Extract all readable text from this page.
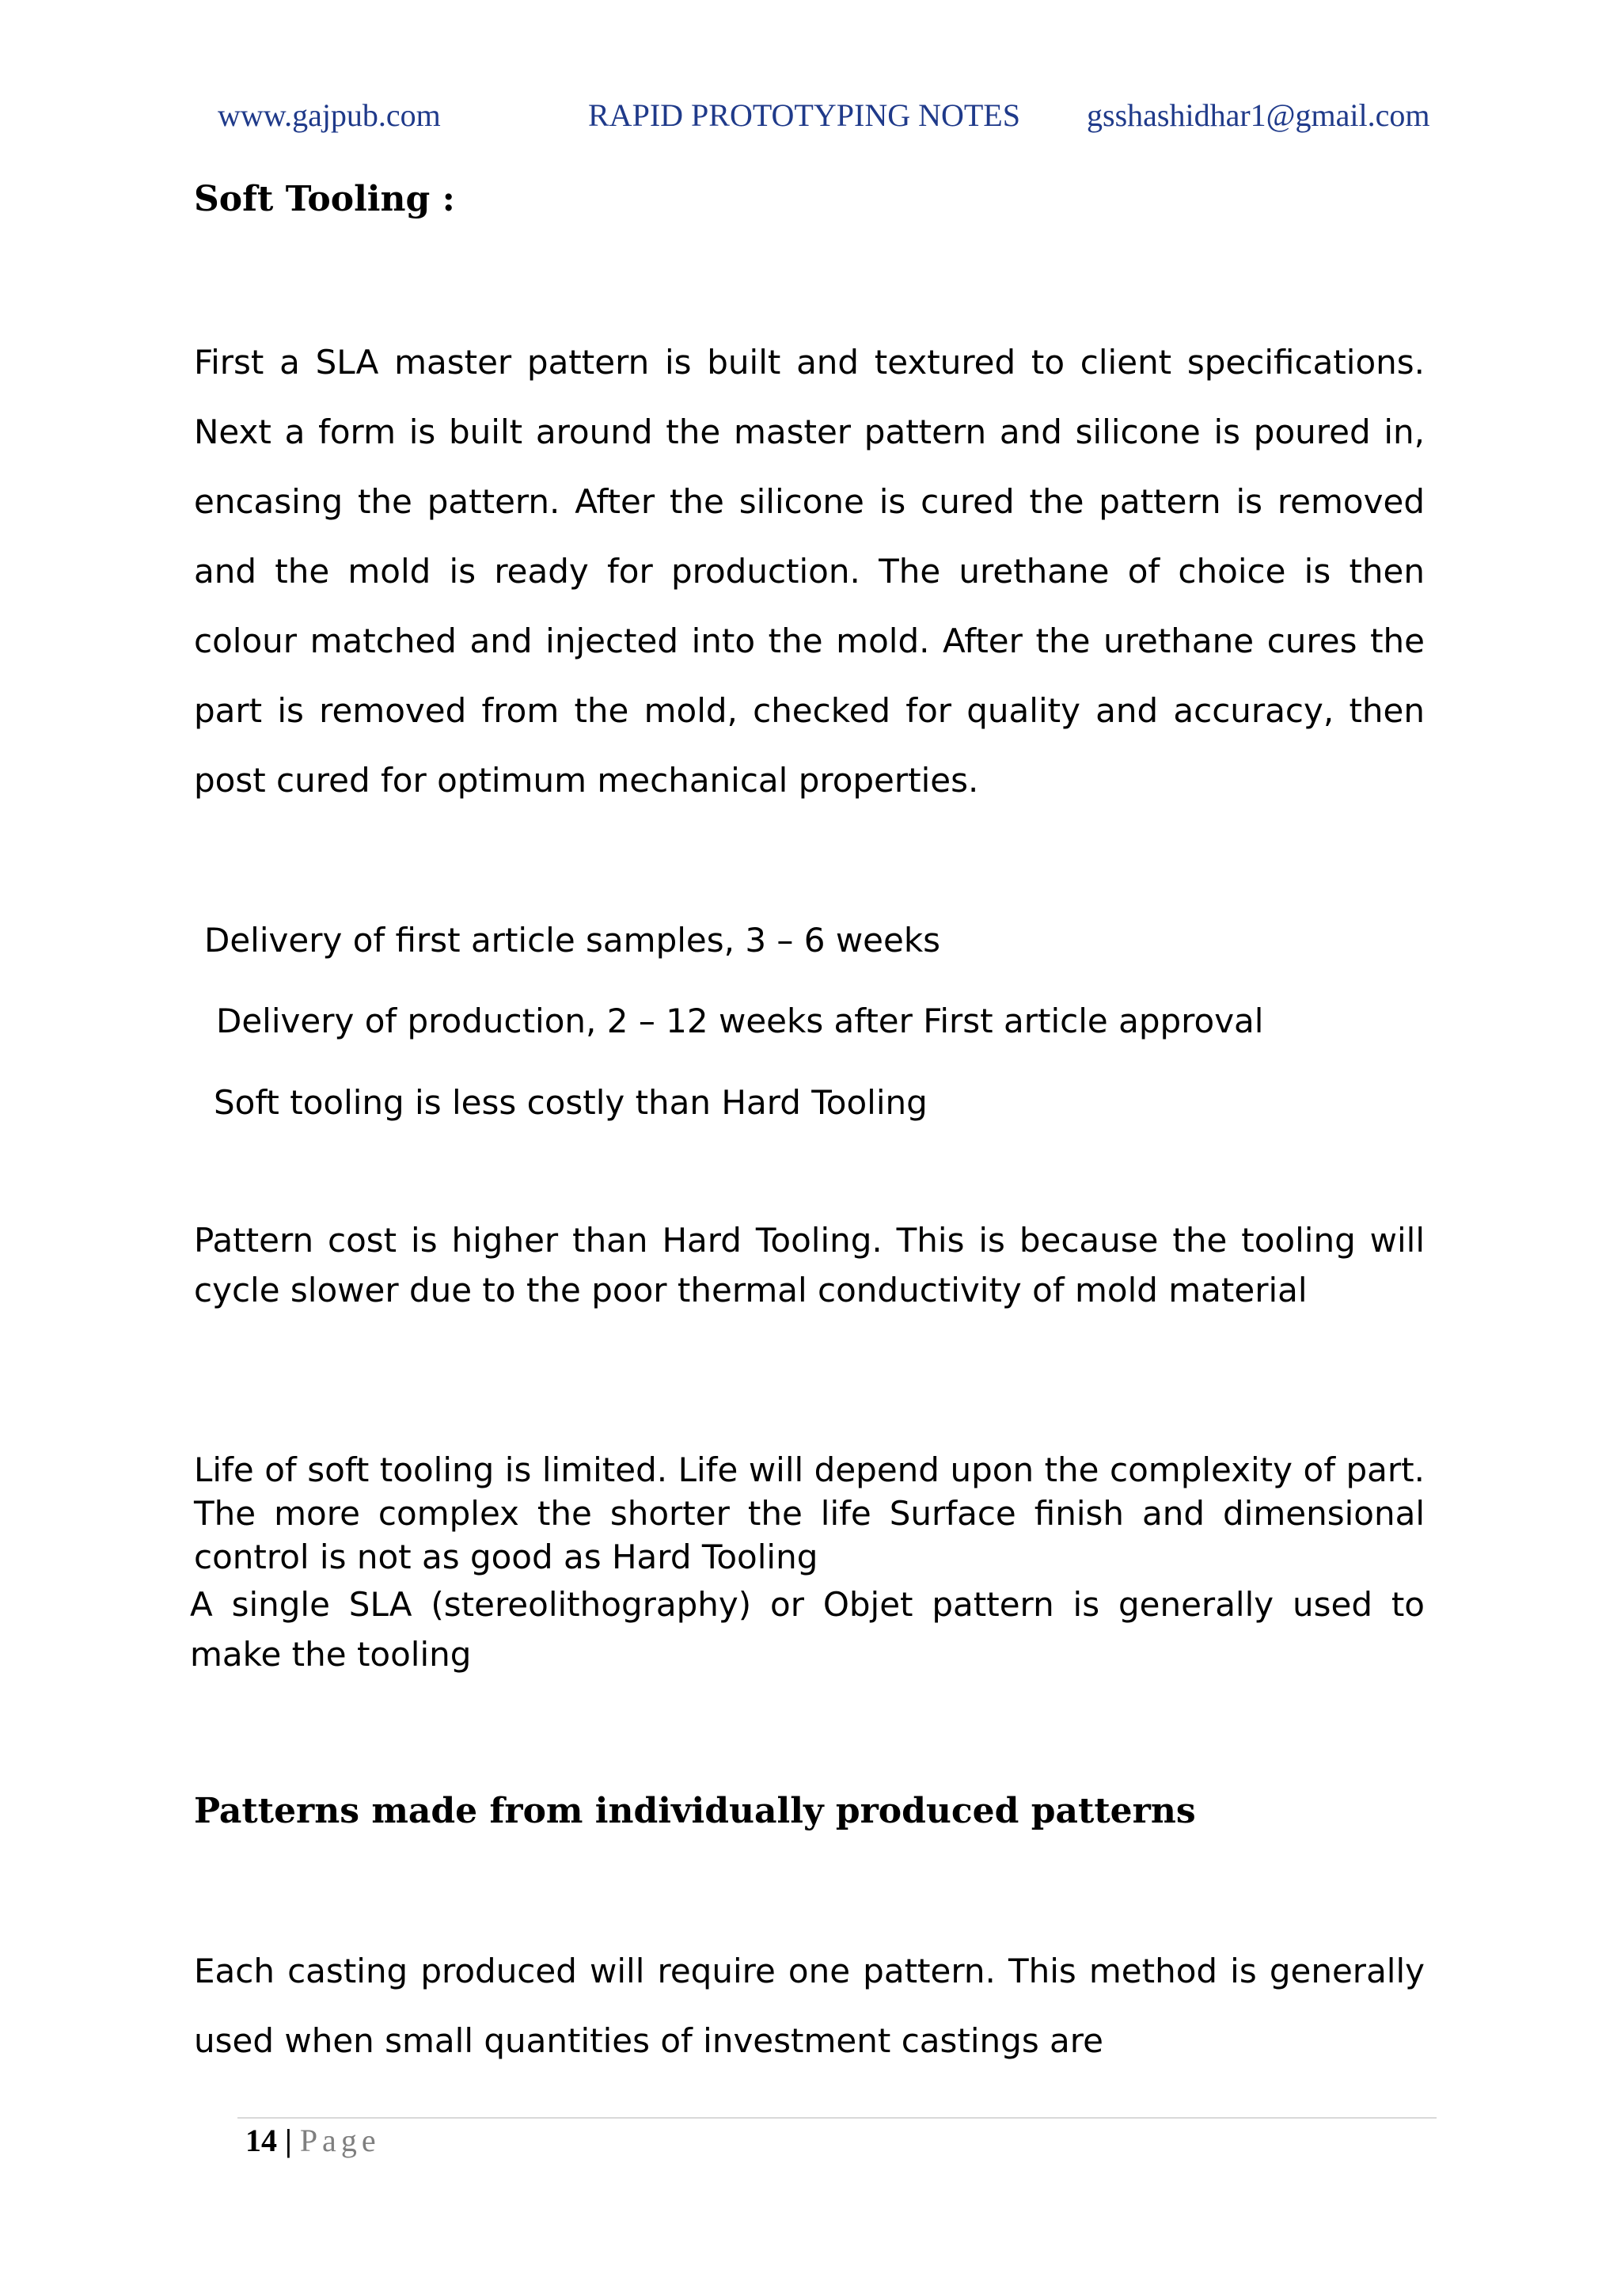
www.gajpub.com	RAPID PROTOTYPING NOTES gsshashidhar1@gmail.com
Soft Tooling :

First a SLA master pattern is built and textured to client specifications. Next a form is built around the master pattern and silicone is poured in, encasing the pattern. After the silicone is cured the pattern is removed and the mold is ready for production. The urethane of choice is then colour matched and injected into the mold. After the urethane cures the part is removed from the mold, checked for quality and accuracy, then post cured for optimum mechanical properties.

Delivery of first article samples, 3 – 6 weeks

Delivery of production, 2 – 12 weeks after First article approval

Soft tooling is less costly than Hard Tooling

Pattern cost is higher than Hard Tooling. This is because the tooling will cycle slower due to the poor thermal conductivity of mold material

Life of soft tooling is limited. Life will depend upon the complexity of part. The more complex the shorter the life Surface finish and dimensional control is not as good as Hard Tooling

A single SLA (stereolithography) or Objet pattern is generally used to make the tooling

Patterns made from individually produced patterns

Each casting produced will require one pattern. This method is generally used when small quantities of investment castings are

14 | Page
